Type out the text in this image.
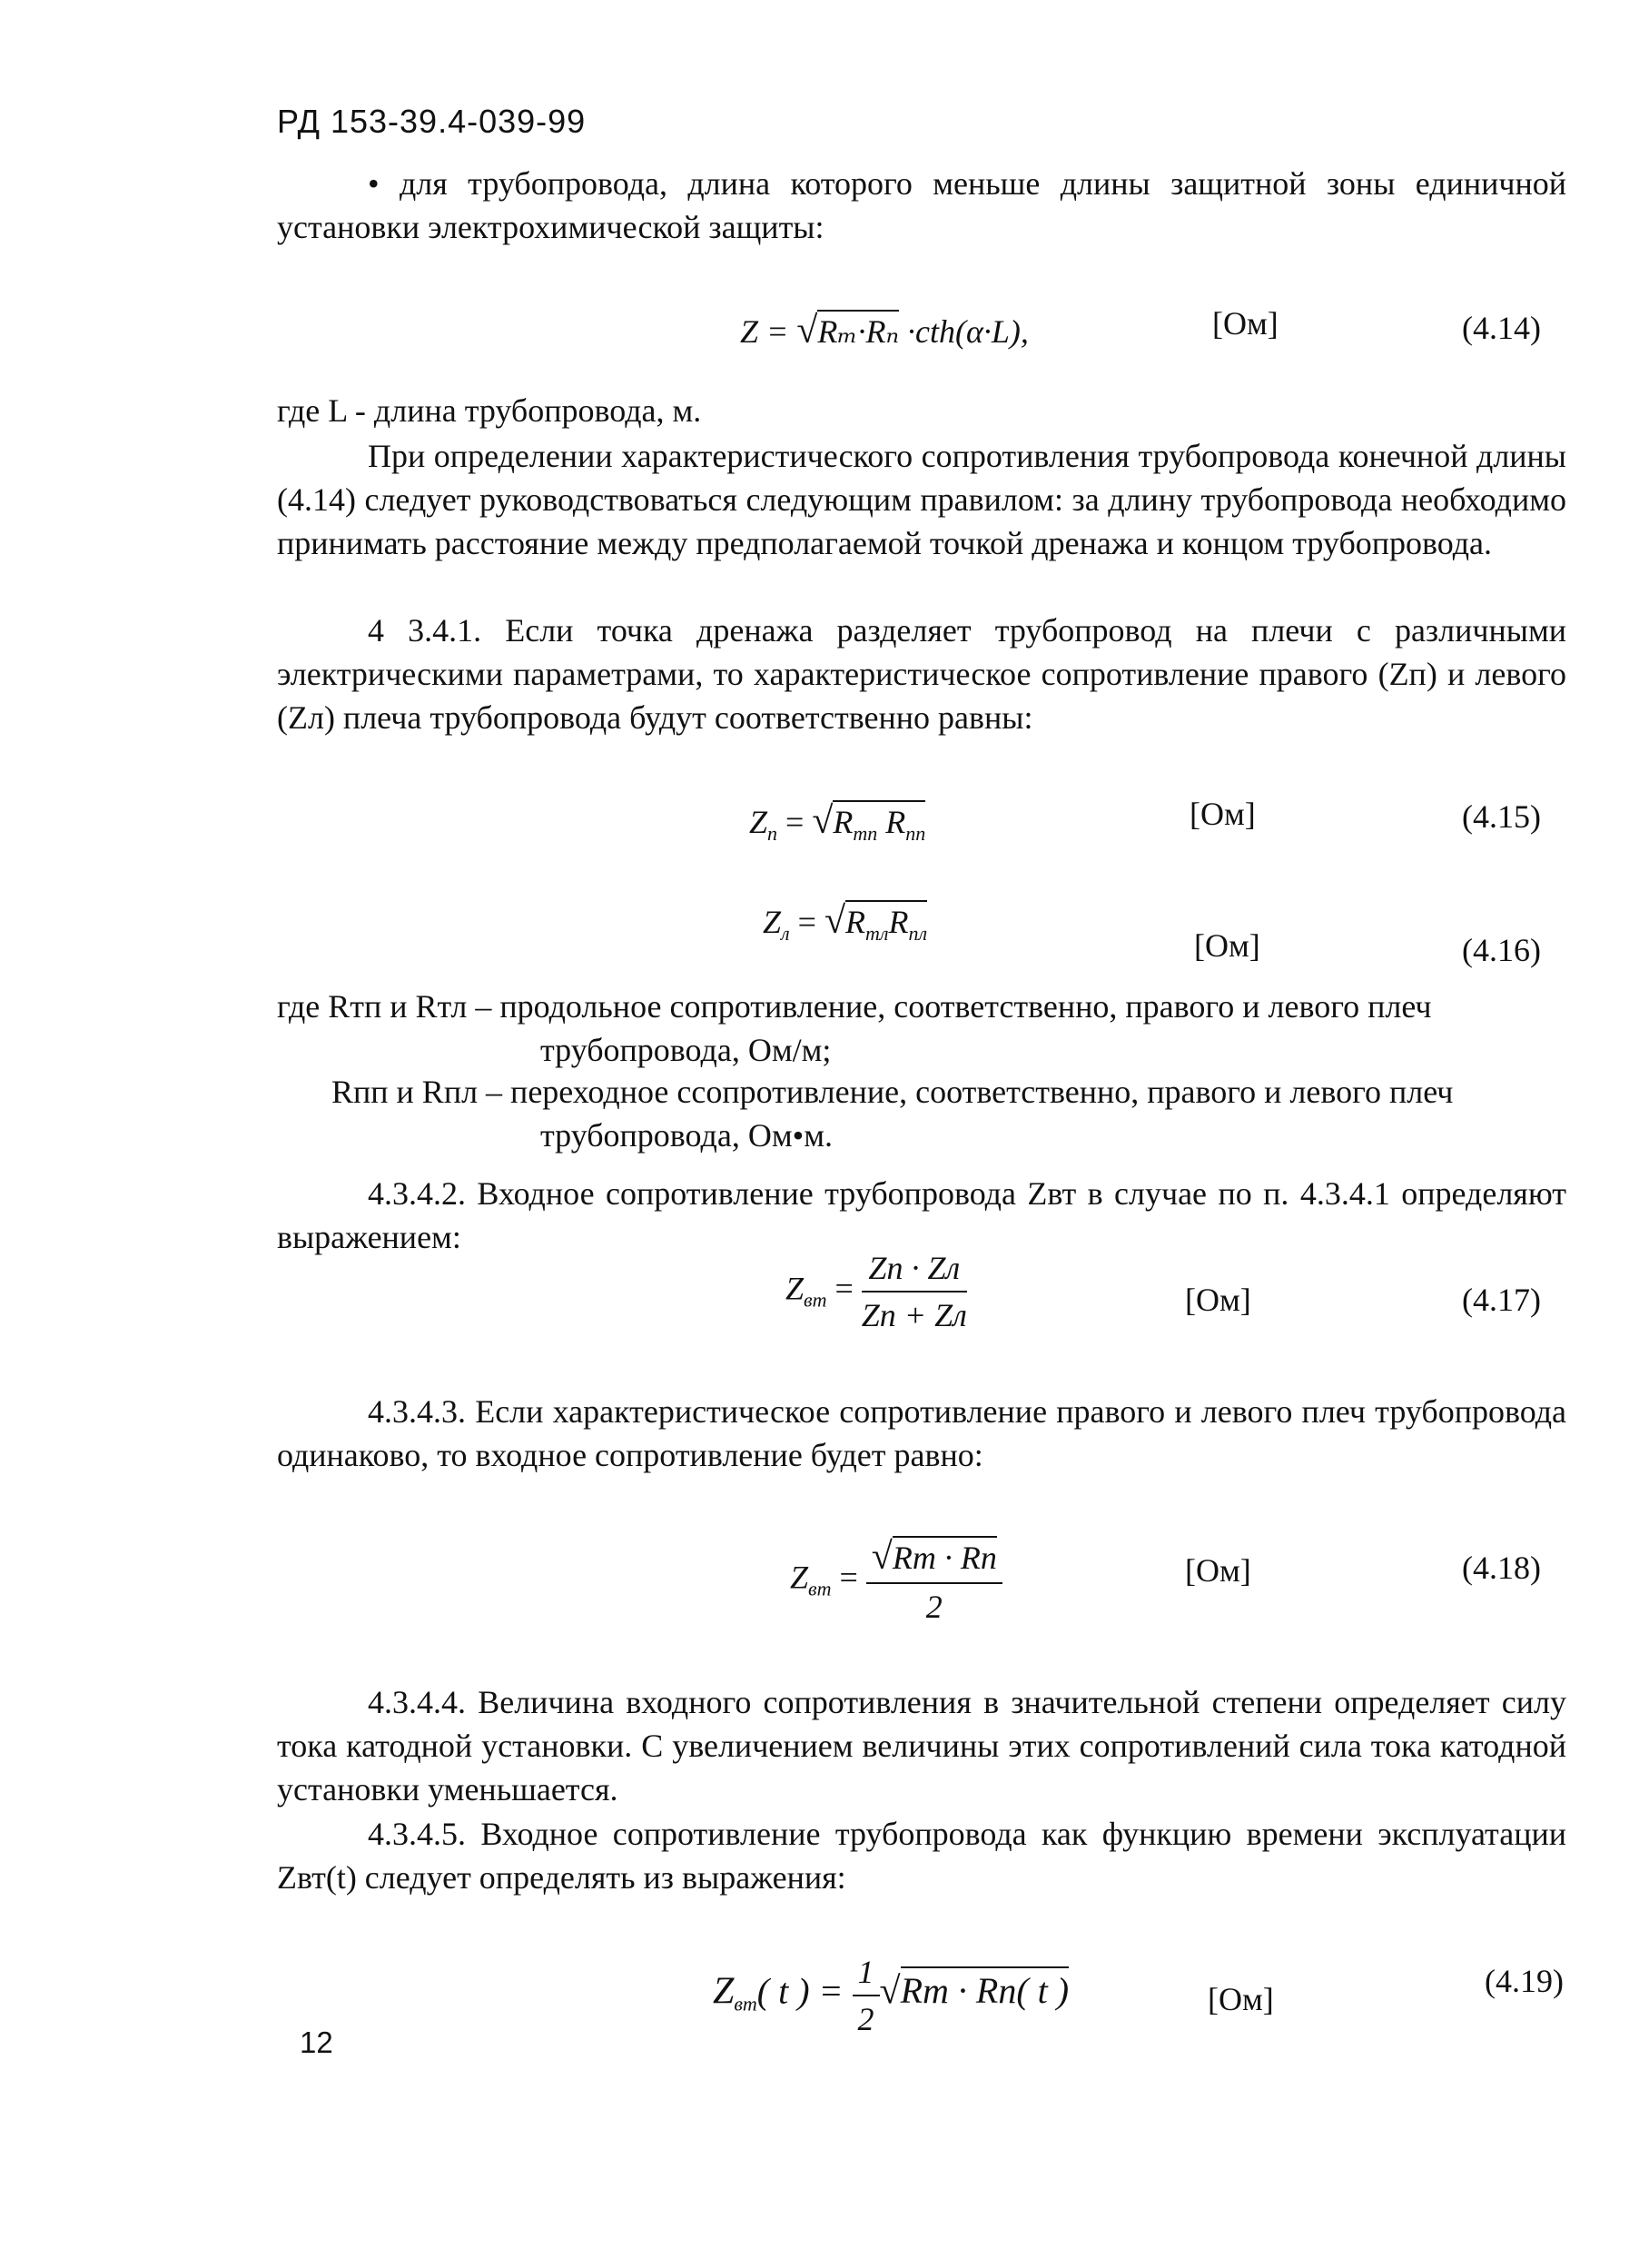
РД 153-39.4-039-99
• для трубопровода, длина которого меньше длины защитной зоны единичной установки электрохимической защиты:
Z = √Rₘ·Rₙ ·cth(α·L),	[Ом]	(4.14)
где L - длина трубопровода, м.
При определении характеристического сопротивления трубопровода конечной длины (4.14) следует руководствоваться следующим правилом: за длину трубопровода необходимо принимать расстояние между предполагаемой точкой дренажа и концом трубопровода.
4 3.4.1. Если точка дренажа разделяет трубопровод на плечи с различными электрическими параметрами, то характеристическое сопротивление правого (Zп) и левого (Zл) плеча трубопровода будут соответственно равны:
$Z_п = √R_{тп}$ $R_{пп}$
[Ом]	(4.15)
$Z_л = √R_{тл}R_{пл}$	[Ом]	(4.16)
где Rтп и Rтл – продольное сопротивление, соответственно, правого и левого плеч
трубопровода, Ом/м;
Rпп и Rпл – переходное ссопротивление, соответственно, правого и левого плеч
трубопровода, Ом•м.
4.3.4.2. Входное сопротивление трубопровода Zвт в случае по п. 4.3.4.1 определяют выражением:
$Z_{вт} = \frac{Zп \cdot Zл}{Zп + Zл}$	[Ом]	(4.17)
4.3.4.3. Если характеристическое сопротивление правого и левого плеч трубопровода одинаково, то входное сопротивление будет равно:
$Z_{вт} = \frac{√Rт \cdot Rп}{2}$	[Ом]	(4.18)
4.3.4.4. Величина входного сопротивления в значительной степени определяет силу тока катодной установки. С увеличением величины этих сопротивлений сила тока катодной установки уменьшается.
4.3.4.5. Входное сопротивление трубопровода как функцию времени эксплуатации Zвт(t) следует определять из выражения:
$Z_{вт}$( t ) = $\frac{1}{2} √Rт \cdot Rп$( t )	[Ом]	(4.19)
12
